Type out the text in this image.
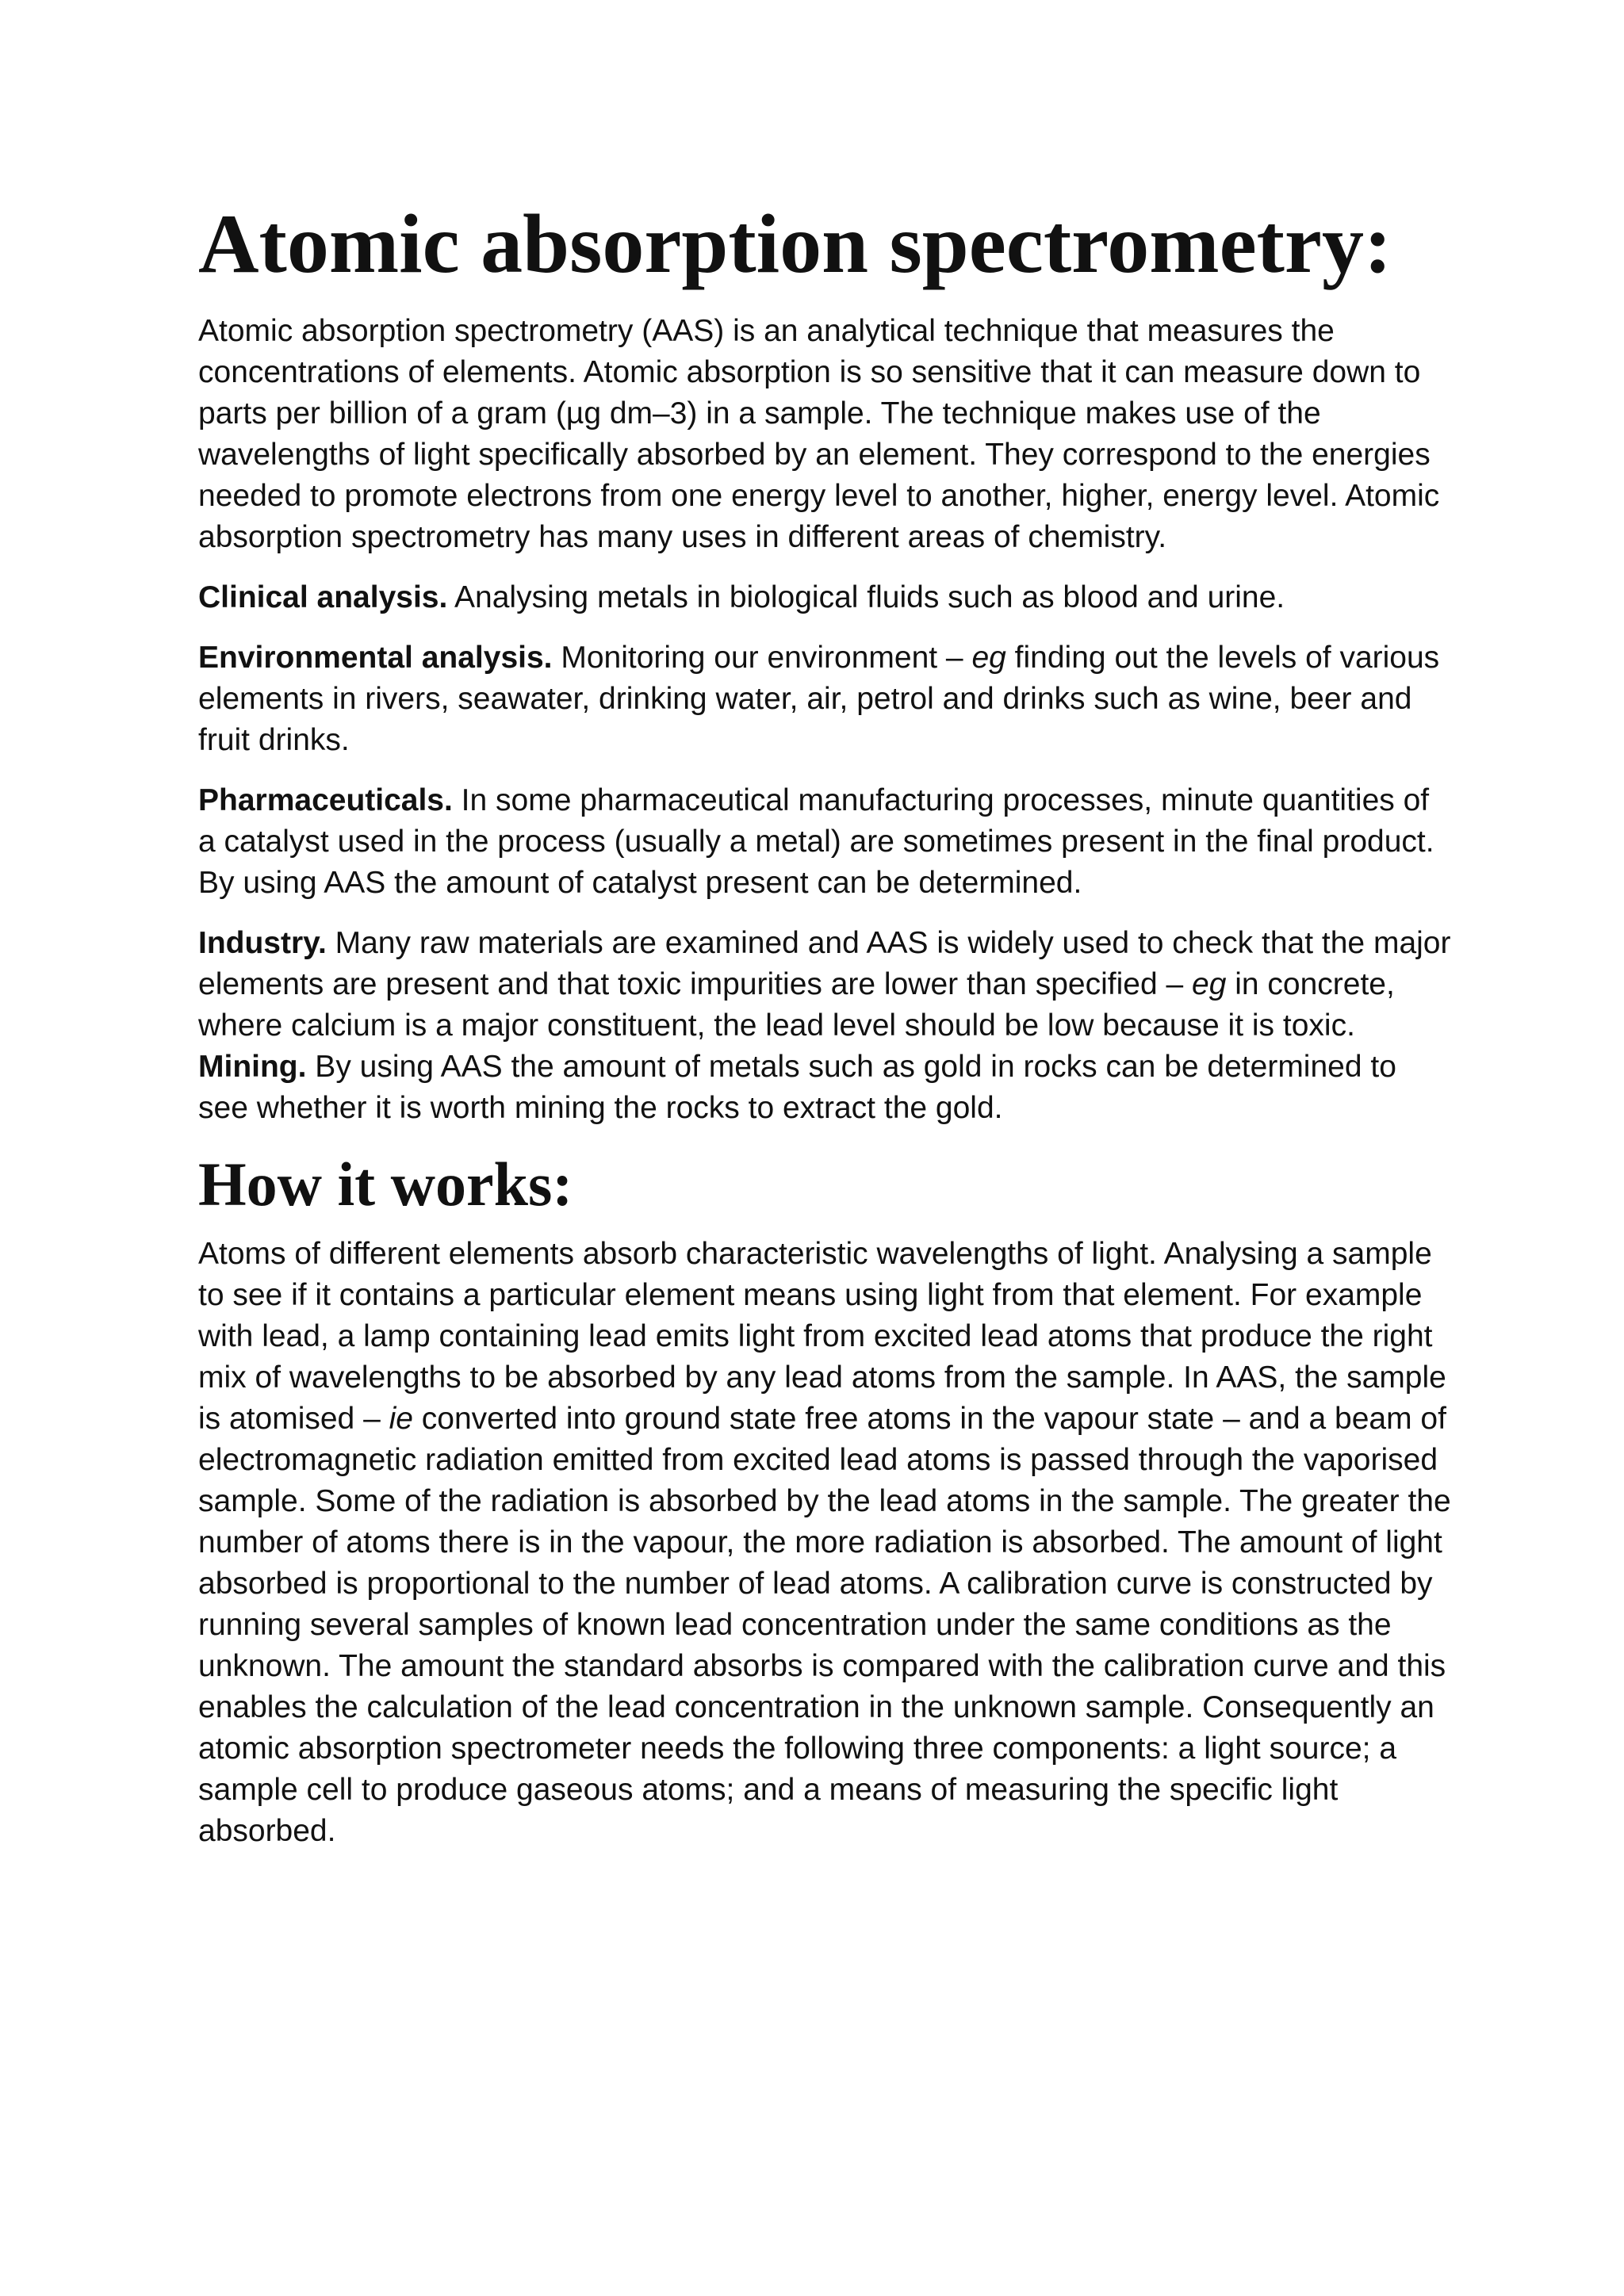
Atomic absorption spectrometry:

Atomic absorption spectrometry (AAS) is an analytical technique that measures the concentrations of elements. Atomic absorption is so sensitive that it can measure down to parts per billion of a gram (µg dm–3) in a sample. The technique makes use of the wavelengths of light specifically absorbed by an element. They correspond to the energies needed to promote electrons from one energy level to another, higher, energy level. Atomic absorption spectrometry has many uses in different areas of chemistry.

Clinical analysis. Analysing metals in biological fluids such as blood and urine.

Environmental analysis. Monitoring our environment – eg finding out the levels of various elements in rivers, seawater, drinking water, air, petrol and drinks such as wine, beer and fruit drinks.

Pharmaceuticals. In some pharmaceutical manufacturing processes, minute quantities of a catalyst used in the process (usually a metal) are sometimes present in the final product. By using AAS the amount of catalyst present can be determined.

Industry. Many raw materials are examined and AAS is widely used to check that the major elements are present and that toxic impurities are lower than specified – eg in concrete, where calcium is a major constituent, the lead level should be low because it is toxic.

Mining. By using AAS the amount of metals such as gold in rocks can be determined to see whether it is worth mining the rocks to extract the gold.

How it works:

Atoms of different elements absorb characteristic wavelengths of light. Analysing a sample to see if it contains a particular element means using light from that element. For example with lead, a lamp containing lead emits light from excited lead atoms that produce the right mix of wavelengths to be absorbed by any lead atoms from the sample. In AAS, the sample is atomised – ie converted into ground state free atoms in the vapour state – and a beam of electromagnetic radiation emitted from excited lead atoms is passed through the vaporised sample. Some of the radiation is absorbed by the lead atoms in the sample. The greater the number of atoms there is in the vapour, the more radiation is absorbed. The amount of light absorbed is proportional to the number of lead atoms. A calibration curve is constructed by running several samples of known lead concentration under the same conditions as the unknown. The amount the standard absorbs is compared with the calibration curve and this enables the calculation of the lead concentration in the unknown sample. Consequently an atomic absorption spectrometer needs the following three components: a light source; a sample cell to produce gaseous atoms; and a means of measuring the specific light absorbed.
